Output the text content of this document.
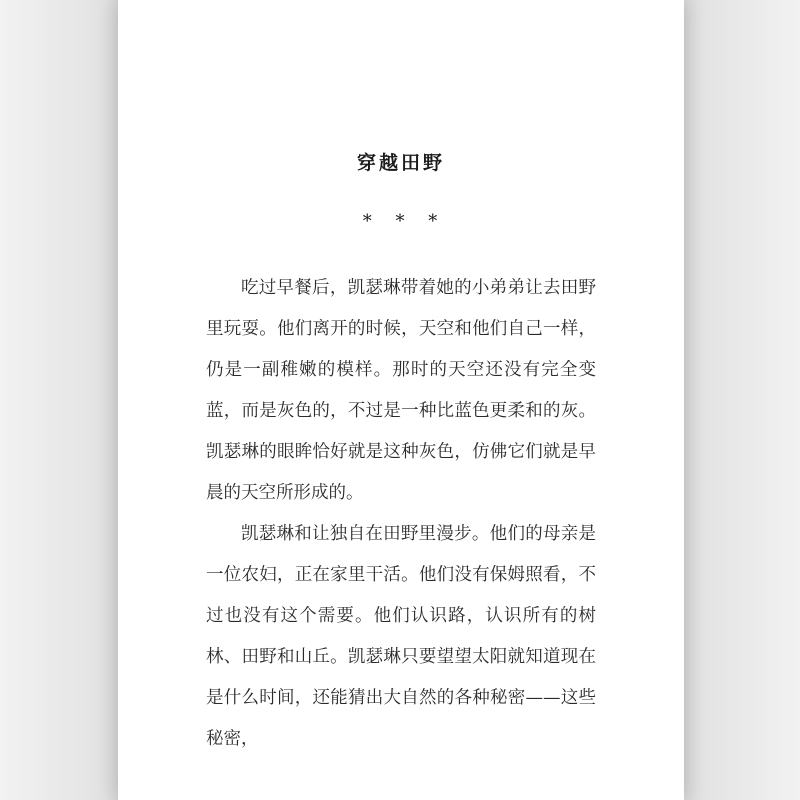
穿越田野
* * *

吃过早餐后，凯瑟琳带着她的小弟弟让去田野里玩耍。他们离开的时候，天空和他们自己一样，仍是一副稚嫩的模样。那时的天空还没有完全变蓝，而是灰色的，不过是一种比蓝色更柔和的灰。凯瑟琳的眼眸恰好就是这种灰色，仿佛它们就是早晨的天空所形成的。

凯瑟琳和让独自在田野里漫步。他们的母亲是一位农妇，正在家里干活。他们没有保姆照看，不过也没有这个需要。他们认识路，认识所有的树林、田野和山丘。凯瑟琳只要望望太阳就知道现在是什么时间，还能猜出大自然的各种秘密——这些秘密，
